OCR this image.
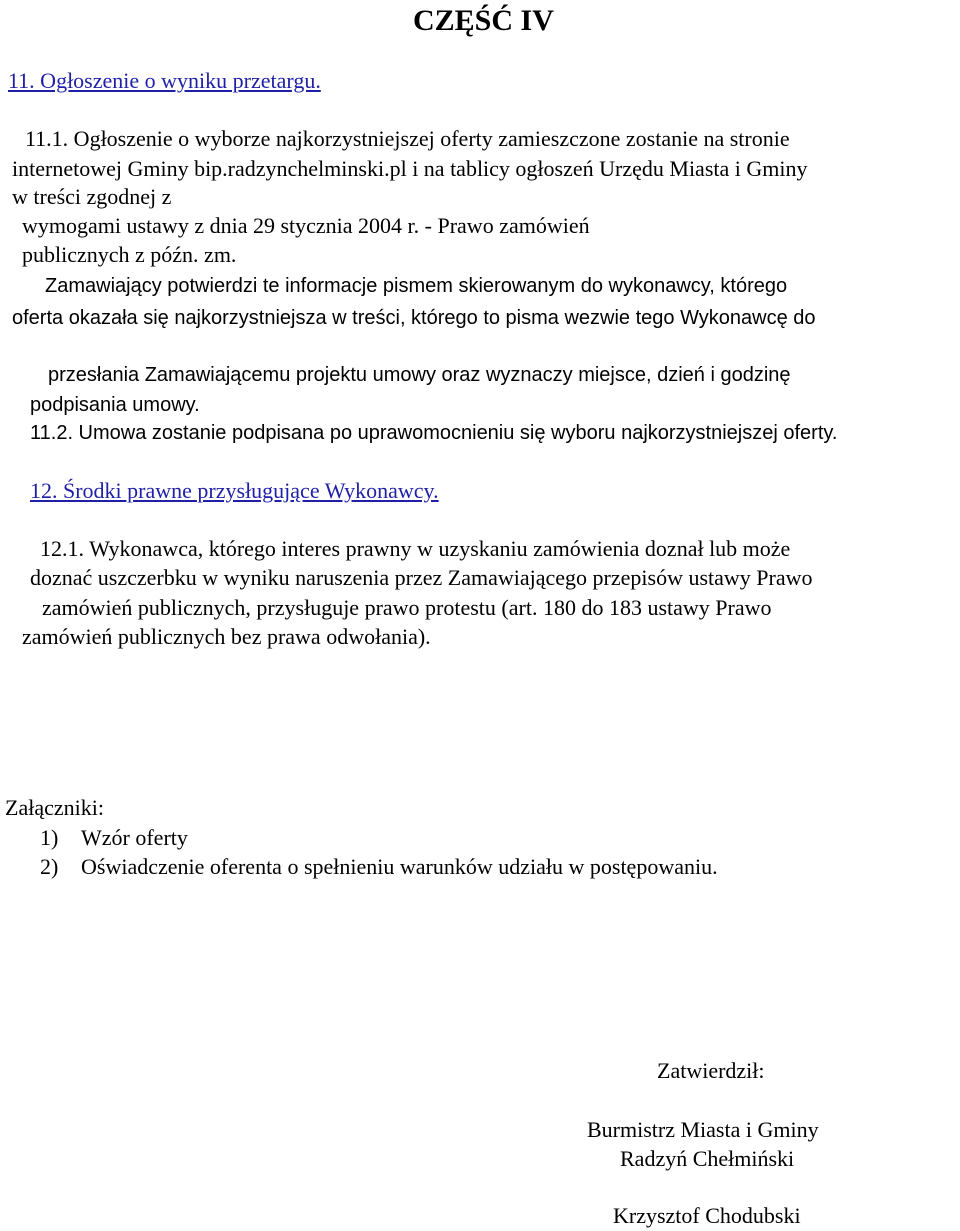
CZĘŚĆ IV
11. Ogłoszenie o wyniku przetargu.
11.1. Ogłoszenie o wyborze najkorzystniejszej oferty zamieszczone zostanie na stronie
internetowej Gminy bip.radzynchelminski.pl i na tablicy ogłoszeń Urzędu Miasta i Gminy
w treści zgodnej z
wymogami ustawy z dnia 29 stycznia 2004 r. - Prawo zamówień
publicznych z późn. zm.
Zamawiający potwierdzi te informacje pismem skierowanym do wykonawcy, którego
oferta okazała się najkorzystniejsza w treści, którego to pisma wezwie tego Wykonawcę do
przesłania Zamawiającemu projektu umowy oraz wyznaczy miejsce, dzień i godzinę
podpisania umowy.
11.2. Umowa zostanie podpisana po uprawomocnieniu się wyboru najkorzystniejszej oferty.
12. Środki prawne przysługujące Wykonawcy.
12.1. Wykonawca, którego interes prawny w uzyskaniu zamówienia doznał lub może
doznać uszczerbku w wyniku naruszenia przez Zamawiającego przepisów ustawy Prawo
zamówień publicznych, przysługuje prawo protestu (art. 180 do 183 ustawy Prawo
zamówień publicznych bez prawa odwołania).
Załączniki:
1) Wzór oferty
2) Oświadczenie oferenta o spełnieniu warunków udziału w postępowaniu.
Zatwierdził:
Burmistrz Miasta i Gminy
Radzyń Chełmiński
Krzysztof Chodubski
